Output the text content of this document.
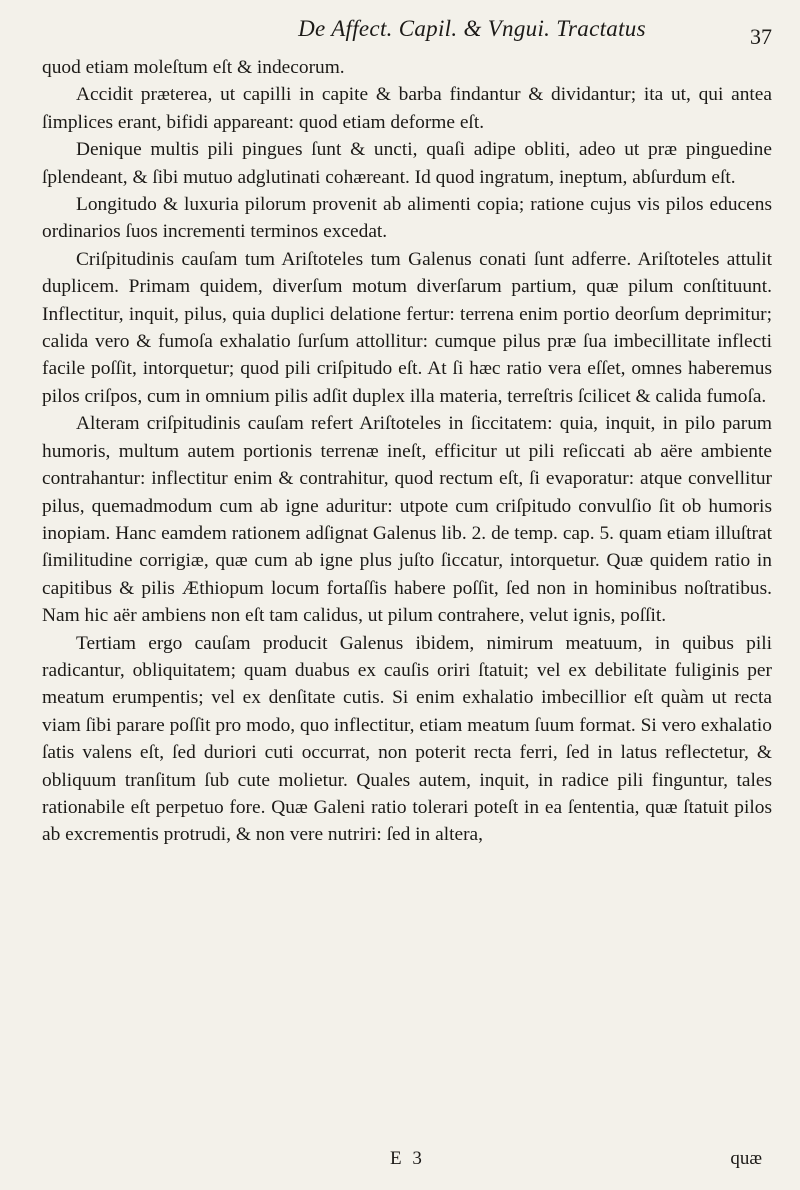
De Affect. Capil. & Vngui. Tractatus	37

quod etiam moleſtum eſt & indecorum.

Accidit præterea, ut capilli in capite & barba findantur & dividantur; ita ut, qui antea ſimplices erant, bifidi appareant: quod etiam deforme eſt.

Denique multis pili pingues ſunt & uncti, quaſi adipe obliti, adeo ut præ pinguedine ſplendeant, & ſibi mutuo adglutinati cohæreant. Id quod ingratum, ineptum, abſurdum eſt.

Longitudo & luxuria pilorum provenit ab alimenti copia; ratione cujus vis pilos educens ordinarios ſuos incrementi terminos excedat.

Criſpitudinis cauſam tum Ariſtoteles tum Galenus conati ſunt adferre. Ariſtoteles attulit duplicem. Primam quidem, diverſum motum diverſarum partium, quæ pilum conſtituunt. Inflectitur, inquit, pilus, quia duplici delatione fertur: terrena enim portio deorſum deprimitur; calida vero & fumoſa exhalatio ſurſum attollitur: cumque pilus præ ſua imbecillitate inflecti facile poſſit, intorquetur; quod pili criſpitudo eſt. At ſi hæc ratio vera eſſet, omnes haberemus pilos criſpos, cum in omnium pilis adſit duplex illa materia, terreſtris ſcilicet & calida fumoſa.

Alteram criſpitudinis cauſam refert Ariſtoteles in ſiccitatem: quia, inquit, in pilo parum humoris, multum autem portionis terrenæ ineſt, efficitur ut pili reſiccati ab aëre ambiente contrahantur: inflectitur enim & contrahitur, quod rectum eſt, ſi evaporatur: atque convellitur pilus, quemadmodum cum ab igne aduritur: utpote cum criſpitudo convulſio ſit ob humoris inopiam. Hanc eamdem rationem adſignat Galenus lib. 2. de temp. cap. 5. quam etiam illuſtrat ſimilitudine corrigiæ, quæ cum ab igne plus juſto ſiccatur, intorquetur. Quæ quidem ratio in capitibus & pilis Æthiopum locum fortaſſis habere poſſit, ſed non in hominibus noſtratibus. Nam hic aër ambiens non eſt tam calidus, ut pilum contrahere, velut ignis, poſſit.

Tertiam ergo cauſam producit Galenus ibidem, nimirum meatuum, in quibus pili radicantur, obliquitatem; quam duabus ex cauſis oriri ſtatuit; vel ex debilitate fuliginis per meatum erumpentis; vel ex denſitate cutis. Si enim exhalatio imbecillior eſt quàm ut recta viam ſibi parare poſſit pro modo, quo inflectitur, etiam meatum ſuum format. Si vero exhalatio ſatis valens eſt, ſed duriori cuti occurrat, non poterit recta ferri, ſed in latus reflectetur, & obliquum tranſitum ſub cute molietur. Quales autem, inquit, in radice pili finguntur, tales rationabile eſt perpetuo fore. Quæ Galeni ratio tolerari poteſt in ea ſententia, quæ ſtatuit pilos ab excrementis protrudi, & non vere nutriri: ſed in altera,

E 3	quæ
